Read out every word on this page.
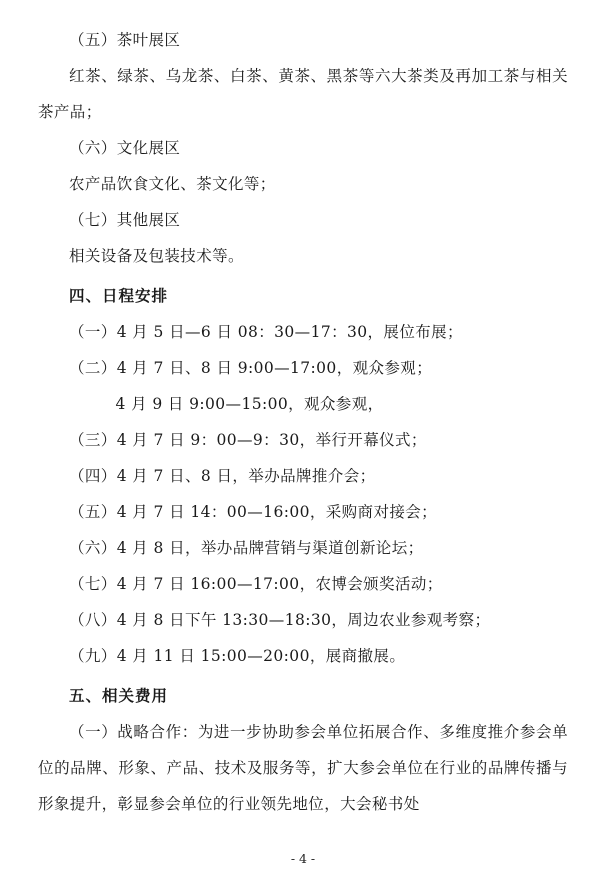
（五）茶叶展区

红茶、绿茶、乌龙茶、白茶、黄茶、黑茶等六大茶类及再加工茶与相关茶产品；

（六）文化展区

农产品饮食文化、茶文化等；

（七）其他展区

相关设备及包装技术等。

四、日程安排

（一）4 月 5 日—6 日 08：30—17：30，展位布展；

（二）4 月 7 日、8 日 9:00—17:00，观众参观；

4 月 9 日 9:00—15:00，观众参观，

（三）4 月 7 日 9：00—9：30，举行开幕仪式；

（四）4 月 7 日、8 日，举办品牌推介会；

（五）4 月 7 日 14：00—16:00，采购商对接会；

（六）4 月 8 日，举办品牌营销与渠道创新论坛；

（七）4 月 7 日 16:00—17:00，农博会颁奖活动；

（八）4 月 8 日下午 13:30—18:30，周边农业参观考察；

（九）4 月 11 日 15:00—20:00，展商撤展。

五、相关费用

（一）战略合作：为进一步协助参会单位拓展合作、多维度推介参会单位的品牌、形象、产品、技术及服务等，扩大参会单位在行业的品牌传播与形象提升，彰显参会单位的行业领先地位，大会秘书处

- 4 -
